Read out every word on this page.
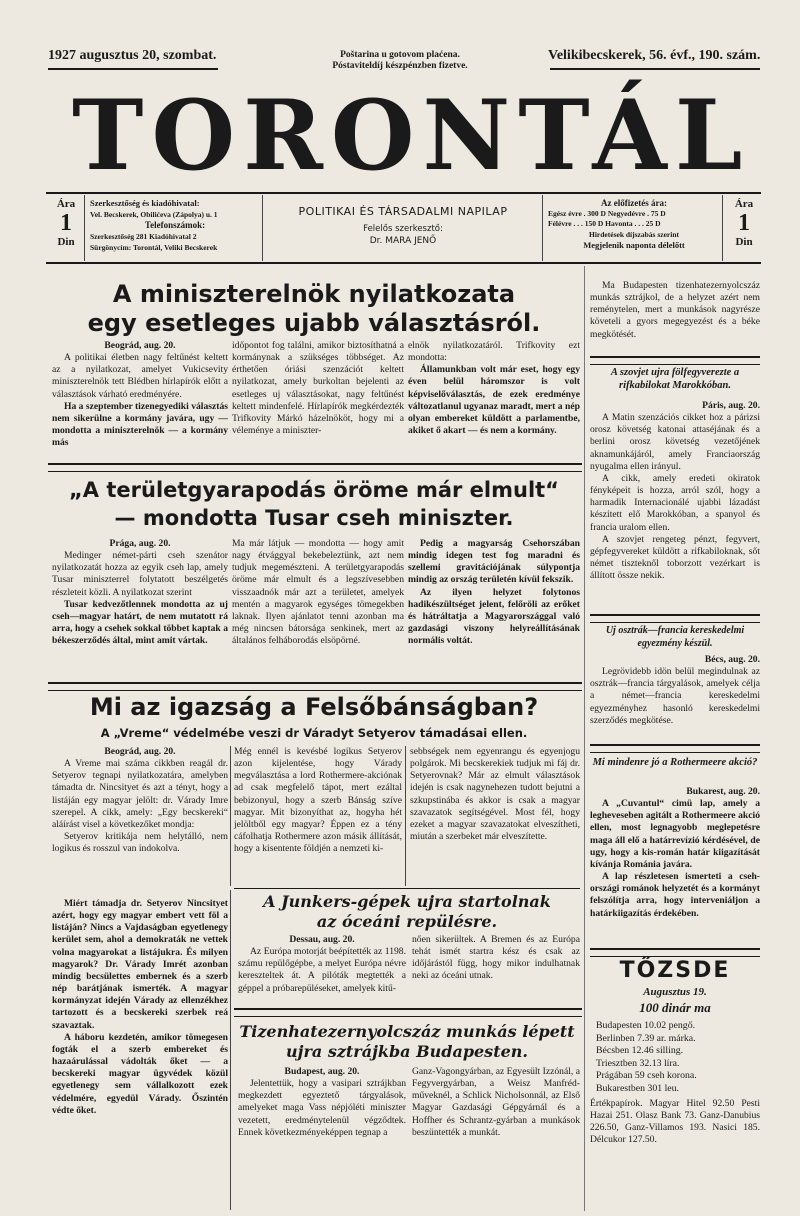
1927 augusztus 20, szombat.	Poštarina u gotovom plaćena.
Póstaviteldíj készpénzben fizetve.
Velikibecskerek, 56. évf., 190. szám.
TORONTÁL
Ára
1
Din
Szerkesztőség és kiadóhivatal:
Vel. Becskerek, Obilićeva (Zápolya) u. 1
Telefonszámok:
Szerkesztőség 281 Kiadóhivatal 2
Sürgönycím: Torontál, Veliki Becskerek
POLITIKAI ÉS TÁRSADALMI NAPILAP
Felelős szerkesztő:
Dr. MARA JENŐ
Az előfizetés ára:
Egész évre . 300 D Negyedévre . 75 D
Félévre . . . 150 D Havonta . . . 25 D
Hirdetések díjszabás szerint
Megjelenik naponta délelőtt
Ára
1
Din
A miniszterelnök nyilatkozata
egy esetleges ujabb választásról.

Beográd, aug. 20.

A politikai életben nagy feltűnést keltett az a nyilatkozat, amelyet Vukicsevity miniszterelnök tett Blédben hírlapírók előtt a választások várható eredményére.

Ha a szeptember tizenegyediki választás nem sikerülne a kormány javára, ugy — mondotta a miniszterelnök — a kormány más

időpontot fog találni, amikor biztosíthatná a kormánynak a szükséges többséget. Az érthetően óriási szenzációt keltett nyilatkozat, amely burkoltan bejelenti az esetleges uj választásokat, nagy feltűnést keltett mindenfelé. Hírlapírók megkérdezték Trifkovity Márkó házelnököt, hogy mi a véleménye a miniszter-

elnök nyilatkozatáról. Trifkovity ezt mondotta:

Államunkban volt már eset, hogy egy éven belül háromszor is volt képviselőválasztás, de ezek eredménye változatlanul ugyanaz maradt, mert a nép olyan embereket küldött a parlamentbe, akiket ő akart — és nem a kormány.

„A területgyarapodás öröme már elmult“
— mondotta Tusar cseh miniszter.

Prága, aug. 20.

Medinger német-párti cseh szenátor nyilatkozatát hozza az egyik cseh lap, amely Tusar miniszterrel folytatott beszélgetés részleteit közli. A nyilatkozat szerint

Tusar kedvezőtlennek mondotta az uj cseh—magyar határt, de nem mutatott rá arra, hogy a csehek sokkal többet kaptak a békeszerződés által, mint amit vártak.

Ma már látjuk — mondotta — hogy amit nagy étvággyal bekebeleztünk, azt nem tudjuk megemészteni. A területgyarapodás öröme már elmult és a legszívesebben visszaadnók már azt a területet, amelyek mentén a magyarok egységes tömegekben laknak. Ilyen ajánlatot tenni azonban ma még nincsen bátorsága senkinek, mert az általános felháborodás elsöpörné.

Pedig a magyarság Csehorszában mindig idegen test fog maradni és szellemi gravitációjának súlypontja mindig az ország területén kívül fekszik.

Az ilyen helyzet folytonos hadikészültséget jelent, felőröli az erőket és hátráltatja a Magyarországgal való gazdasági viszony helyreállításának normális voltát.

Mi az igazság a Felsőbánságban?
A „Vreme“ védelmébe veszi dr Váradyt Setyerov támadásai ellen.

Beográd, aug. 20.

A Vreme mai száma cikkben reagál dr. Setyerov tegnapi nyilatkozatára, amelyben támadta dr. Nincsityet és azt a tényt, hogy a listáján egy magyar jelölt: dr. Várady Imre szerepel. A cikk, amely: „Egy becskereki“ aláírást visel a következőket mondja:

Setyerov kritikája nem helytálló, nem logikus és rosszul van indokolva.

Miért támadja dr. Setyerov Nincsityet azért, hogy egy magyar embert vett föl a listáján? Nincs a Vajdaságban egyetlenegy kerület sem, ahol a demokraták ne vettek volna magyarokat a listájukra. És milyen magyarok? Dr. Várady Imrét azonban mindig becsülettes embernek és a szerb nép barátjának ismerték. A magyar kormányzat idején Várady az ellenzékhez tartozott és a becskereki szerbek reá szavaztak.

A háboru kezdetén, amikor tömegesen fogták el a szerb embereket és hazaárulással vádolták őket — a becskereki magyar ügyvédek közül egyetlenegy sem vállalkozott ezek védelmére, egyedül Várady. Őszintén védte őket.

Még ennél is kevésbé logikus Setyerov azon kijelentése, hogy Várady megválasztása a lord Rothermere-akciónak ad csak megfelelő tápot, mert ezáltal bebizonyul, hogy a szerb Bánság szíve magyar. Mit bizonyíthat az, hogyha hét jelöltből egy magyar? Éppen ez a tény cáfolhatja Rothermere azon másik állítását, hogy a kisentente földjén a nemzeti ki-

sebbségek nem egyenrangu és egyenjogu polgárok. Mi becskerekiek tudjuk mi fáj dr. Setyerovnak? Már az elmult választások idején is csak nagynehezen tudott bejutni a szkupstinába és akkor is csak a magyar szavazatok segítségével. Most fél, hogy ezeket a magyar szavazatokat elveszítheti, miután a szerbeket már elveszítette.

A Junkers-gépek ujra startolnak
az óceáni repülésre.

Dessau, aug. 20.

Az Európa motorját beépítették az 1198. számu repülőgépbe, a melyet Európa névre kereszteltek át. A pilóták megtették a géppel a próbarepüléseket, amelyek kitű-

nően sikerültek. A Bremen és az Európa tehát ismét startra kész és csak az időjárástól függ, hogy mikor indulhatnak neki az óceáni utnak.

Tizenhatezernyolcszáz munkás lépett
ujra sztrájkba Budapesten.

Budapest, aug. 20.

Jelentettük, hogy a vasipari sztrájkban megkezdett egyeztető tárgyalások, amelyeket maga Vass népjóléti miniszter vezetett, eredménytelenül végződtek. Ennek következményeképpen tegnap a

Ganz-Vagongyárban, az Egyesült Izzónál, a Fegyvergyárban, a Weisz Manfréd-műveknél, a Schlick Nicholsonnál, az Első Magyar Gazdasági Gépgyárnál és a Hoffher és Schrantz-gyárban a munkások beszüntették a munkát.

Ma Budapesten tizenhatezernyolcszáz munkás sztrájkol, de a helyzet azért nem reménytelen, mert a munkások nagyrésze követeli a gyors megegyezést és a béke megkötését.

A szovjet ujra fölfegyverezte a rifkabilokat Marokkóban.

Páris, aug. 20.

A Matin szenzációs cikket hoz a párizsi orosz követség katonai attaséjának és a berlini orosz követség vezetőjének aknamunkájáról, amely Franciaország nyugalma ellen irányul.

A cikk, amely eredeti okiratok fényképeit is hozza, arról szól, hogy a harmadik Internacionálé ujabbi lázadást készített elő Marokkóban, a spanyol és francia uralom ellen.

A szovjet rengeteg pénzt, fegyvert, gépfegyvereket küldött a rifkabiloknak, sőt német tiszteknől toborzott vezérkart is állított össze nekik.

Uj osztrák—francia kereskedelmi egyezmény készül.

Bécs, aug. 20.

Legrövidebb idön belül megindulnak az osztrák—francia tárgyalások, amelyek célja a német—francia kereskedelmi egyezményhez hasonló kereskedelmi szerződés megkötése.

Mi mindenre jó a Rothermeere akció?

Bukarest, aug. 20.

A „Cuvantul“ cimü lap, amely a legheveseben agitált a Rothermeere akció ellen, most legnagyobb meglepetésre maga áll elő a határrevízió kérdésével, de ugy, hogy a kis-román határ kiigazítását kívánja Románia javára.

A lap részletesen ismerteti a cseh-országi románok helyzetét és a kormányt felszólítja arra, hogy interveniáljon a határkiigazítás érdekében.

TŐZSDE
Augusztus 19.
100 dinár ma
Budapesten 10.02 pengő.
Berlinben 7.39 ar. márka.
Bécsben 12.46 silling.
Triesztben 32.13 líra.
Prágában 59 cseh korona.
Bukarestben 301 leu.

Értékpapírok. Magyar Hitel 92.50 Pesti Hazai 251. Olasz Bank 73. Ganz-Danubius 226.50, Ganz-Villamos 193. Nasici 185. Délcukor 127.50.
